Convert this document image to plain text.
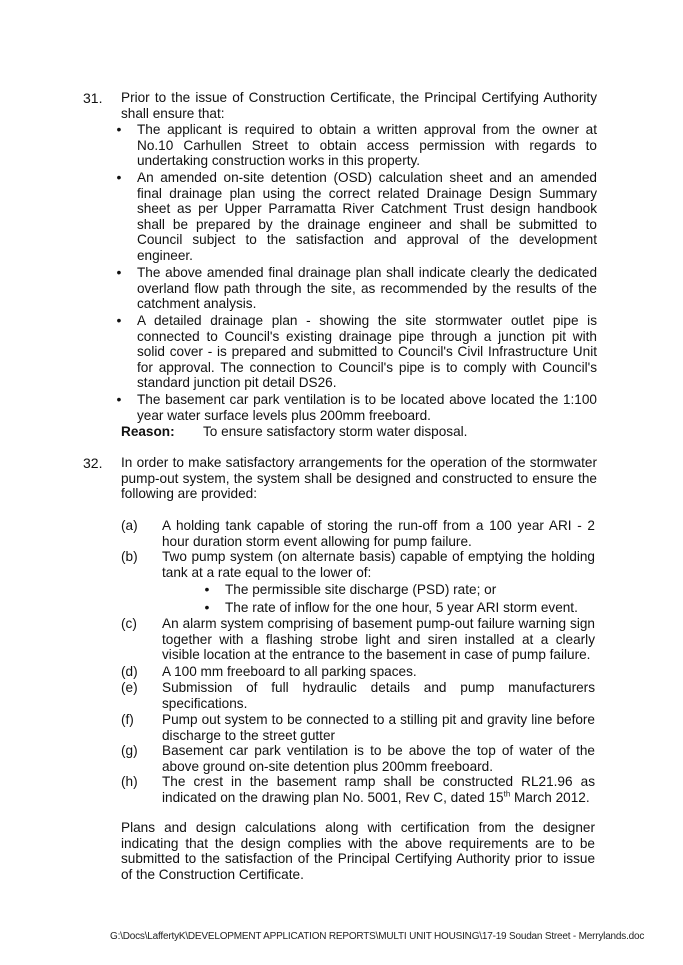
31. Prior to the issue of Construction Certificate, the Principal Certifying Authority shall ensure that:
•	The applicant is required to obtain a written approval from the owner at No.10 Carhullen Street to obtain access permission with regards to undertaking construction works in this property.
•	An amended on-site detention (OSD) calculation sheet and an amended final drainage plan using the correct related Drainage Design Summary sheet as per Upper Parramatta River Catchment Trust design handbook shall be prepared by the drainage engineer and shall be submitted to Council subject to the satisfaction and approval of the development engineer.
•	The above amended final drainage plan shall indicate clearly the dedicated overland flow path through the site, as recommended by the results of the catchment analysis.
•	A detailed drainage plan - showing the site stormwater outlet pipe is connected to Council's existing drainage pipe through a junction pit with solid cover - is prepared and submitted to Council's Civil Infrastructure Unit for approval. The connection to Council's pipe is to comply with Council's standard junction pit detail DS26.
•	The basement car park ventilation is to be located above located the 1:100 year water surface levels plus 200mm freeboard.
Reason: To ensure satisfactory storm water disposal.
32. In order to make satisfactory arrangements for the operation of the stormwater pump-out system, the system shall be designed and constructed to ensure the following are provided:
(a) A holding tank capable of storing the run-off from a 100 year ARI - 2 hour duration storm event allowing for pump failure.
(b) Two pump system (on alternate basis) capable of emptying the holding tank at a rate equal to the lower of:
•	The permissible site discharge (PSD) rate; or
•	The rate of inflow for the one hour, 5 year ARI storm event.
(c) An alarm system comprising of basement pump-out failure warning sign together with a flashing strobe light and siren installed at a clearly visible location at the entrance to the basement in case of pump failure.
(d) A 100 mm freeboard to all parking spaces.
(e) Submission of full hydraulic details and pump manufacturers specifications.
(f) Pump out system to be connected to a stilling pit and gravity line before discharge to the street gutter
(g) Basement car park ventilation is to be above the top of water of the above ground on-site detention plus 200mm freeboard.
(h) The crest in the basement ramp shall be constructed RL21.96 as indicated on the drawing plan No. 5001, Rev C, dated 15th March 2012.
Plans and design calculations along with certification from the designer indicating that the design complies with the above requirements are to be submitted to the satisfaction of the Principal Certifying Authority prior to issue of the Construction Certificate.
G:\Docs\LaffertyK\DEVELOPMENT APPLICATION REPORTS\MULTI UNIT HOUSING\17-19 Soudan Street - Merrylands.doc
